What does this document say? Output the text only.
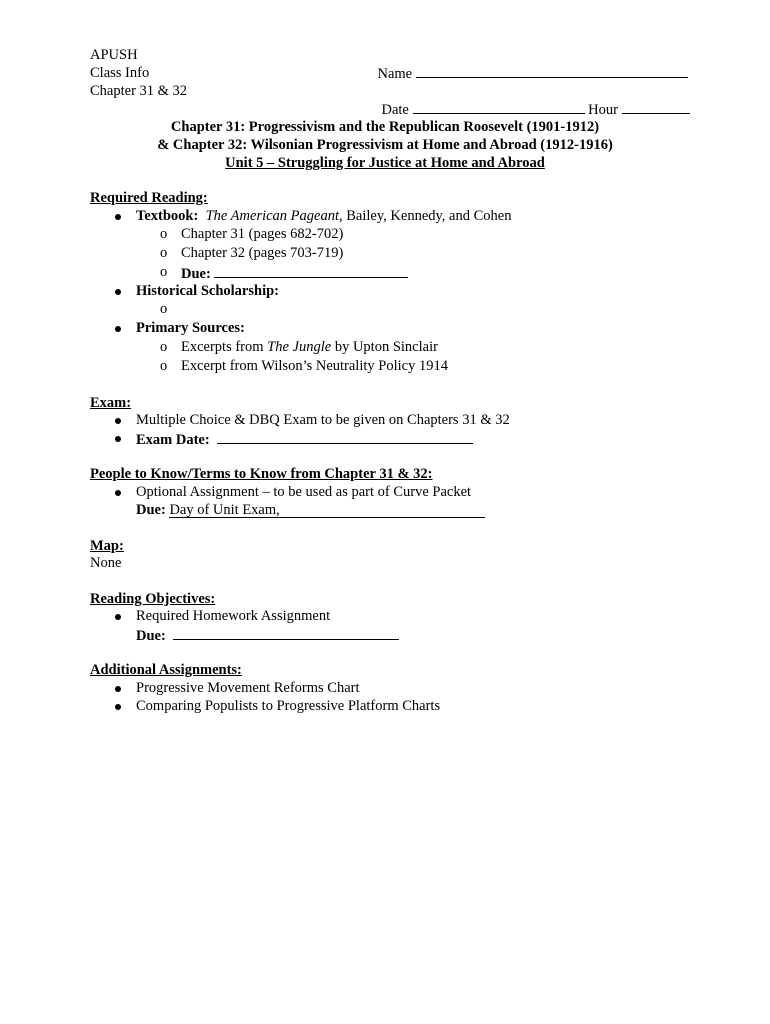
APUSH
Class Info
Chapter 31 & 32

Name

Date	Hour

Chapter 31: Progressivism and the Republican Roosevelt (1901-1912)
& Chapter 32: Wilsonian Progressivism at Home and Abroad (1912-1916)
Unit 5 – Struggling for Justice at Home and Abroad
Required Reading:
Textbook: The American Pageant, Bailey, Kennedy, and Cohen
o Chapter 31 (pages 682-702)
o Chapter 32 (pages 703-719)
o Due:
Historical Scholarship:
o
Primary Sources:
o Excerpts from The Jungle by Upton Sinclair
o Excerpt from Wilson’s Neutrality Policy 1914
Exam:
Multiple Choice & DBQ Exam to be given on Chapters 31 & 32
Exam Date:
People to Know/Terms to Know from Chapter 31 & 32:
Optional Assignment – to be used as part of Curve Packet
Due: Day of Unit Exam,
Map:
None
Reading Objectives:
Required Homework Assignment
Due:
Additional Assignments:
Progressive Movement Reforms Chart
Comparing Populists to Progressive Platform Charts
